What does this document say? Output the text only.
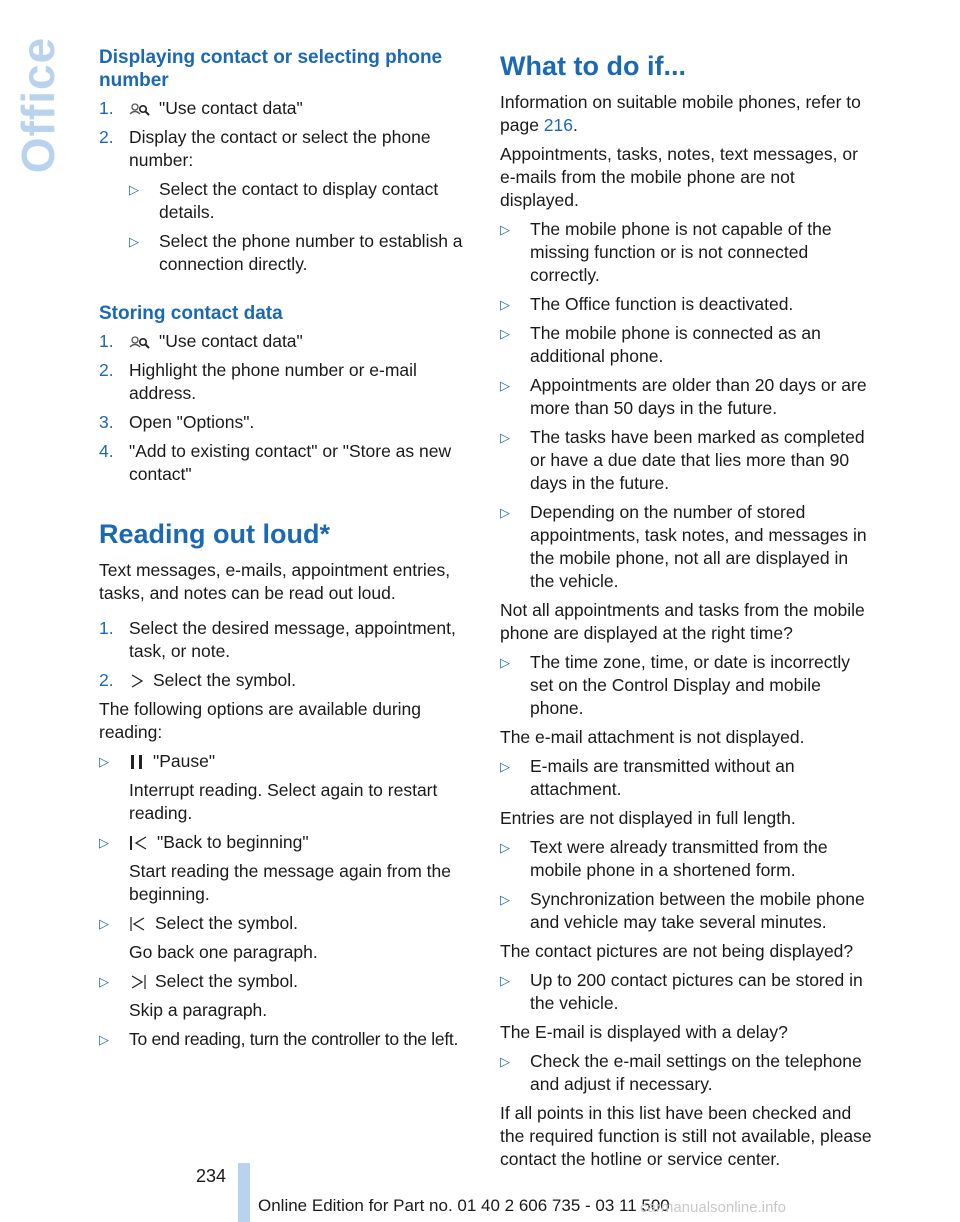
Office Displaying contact or selecting phone number
1.	"Use contact data"
2. Display the contact or select the phone number:
▷	Select the contact to display contact details.
▷	Select the phone number to establish a connection directly.
Storing contact data
1.	"Use contact data"
2. Highlight the phone number or e-mail address.
3. Open "Options".
4. "Add to existing contact" or "Store as new contact"
Reading out loud*

Text messages, e-mails, appointment entries, tasks, and notes can be read out loud.

1. Select the desired message, appointment, task, or note.
2.	Select the symbol.

The following options are available during reading:

▷	"Pause"
Interrupt reading. Select again to restart reading.
▷	"Back to beginning"
Start reading the message again from the beginning.
▷	Select the symbol.
Go back one paragraph.
▷	Select the symbol.
Skip a paragraph.
▷	To end reading, turn the controller to the left.
What to do if...

Information on suitable mobile phones, refer to page 216.

Appointments, tasks, notes, text messages, or e-mails from the mobile phone are not displayed.

▷	The mobile phone is not capable of the missing function or is not connected correctly.
▷	The Office function is deactivated.
▷	The mobile phone is connected as an additional phone.
▷	Appointments are older than 20 days or are more than 50 days in the future.
▷	The tasks have been marked as completed or have a due date that lies more than 90 days in the future.
▷	Depending on the number of stored appointments, task notes, and messages in the mobile phone, not all are displayed in the vehicle.

Not all appointments and tasks from the mobile phone are displayed at the right time?

▷	The time zone, time, or date is incorrectly set on the Control Display and mobile phone.

The e-mail attachment is not displayed.

▷	E-mails are transmitted without an attachment.

Entries are not displayed in full length.

▷	Text were already transmitted from the mobile phone in a shortened form.
▷	Synchronization between the mobile phone and vehicle may take several minutes.

The contact pictures are not being displayed?

▷	Up to 200 contact pictures can be stored in the vehicle.

The E-mail is displayed with a delay?

▷	Check the e-mail settings on the telephone and adjust if necessary.

If all points in this list have been checked and the required function is still not available, please contact the hotline or service center.

234
Online Edition for Part no. 01 40 2 606 735 - 03 11 500
carmanualsonline.info
